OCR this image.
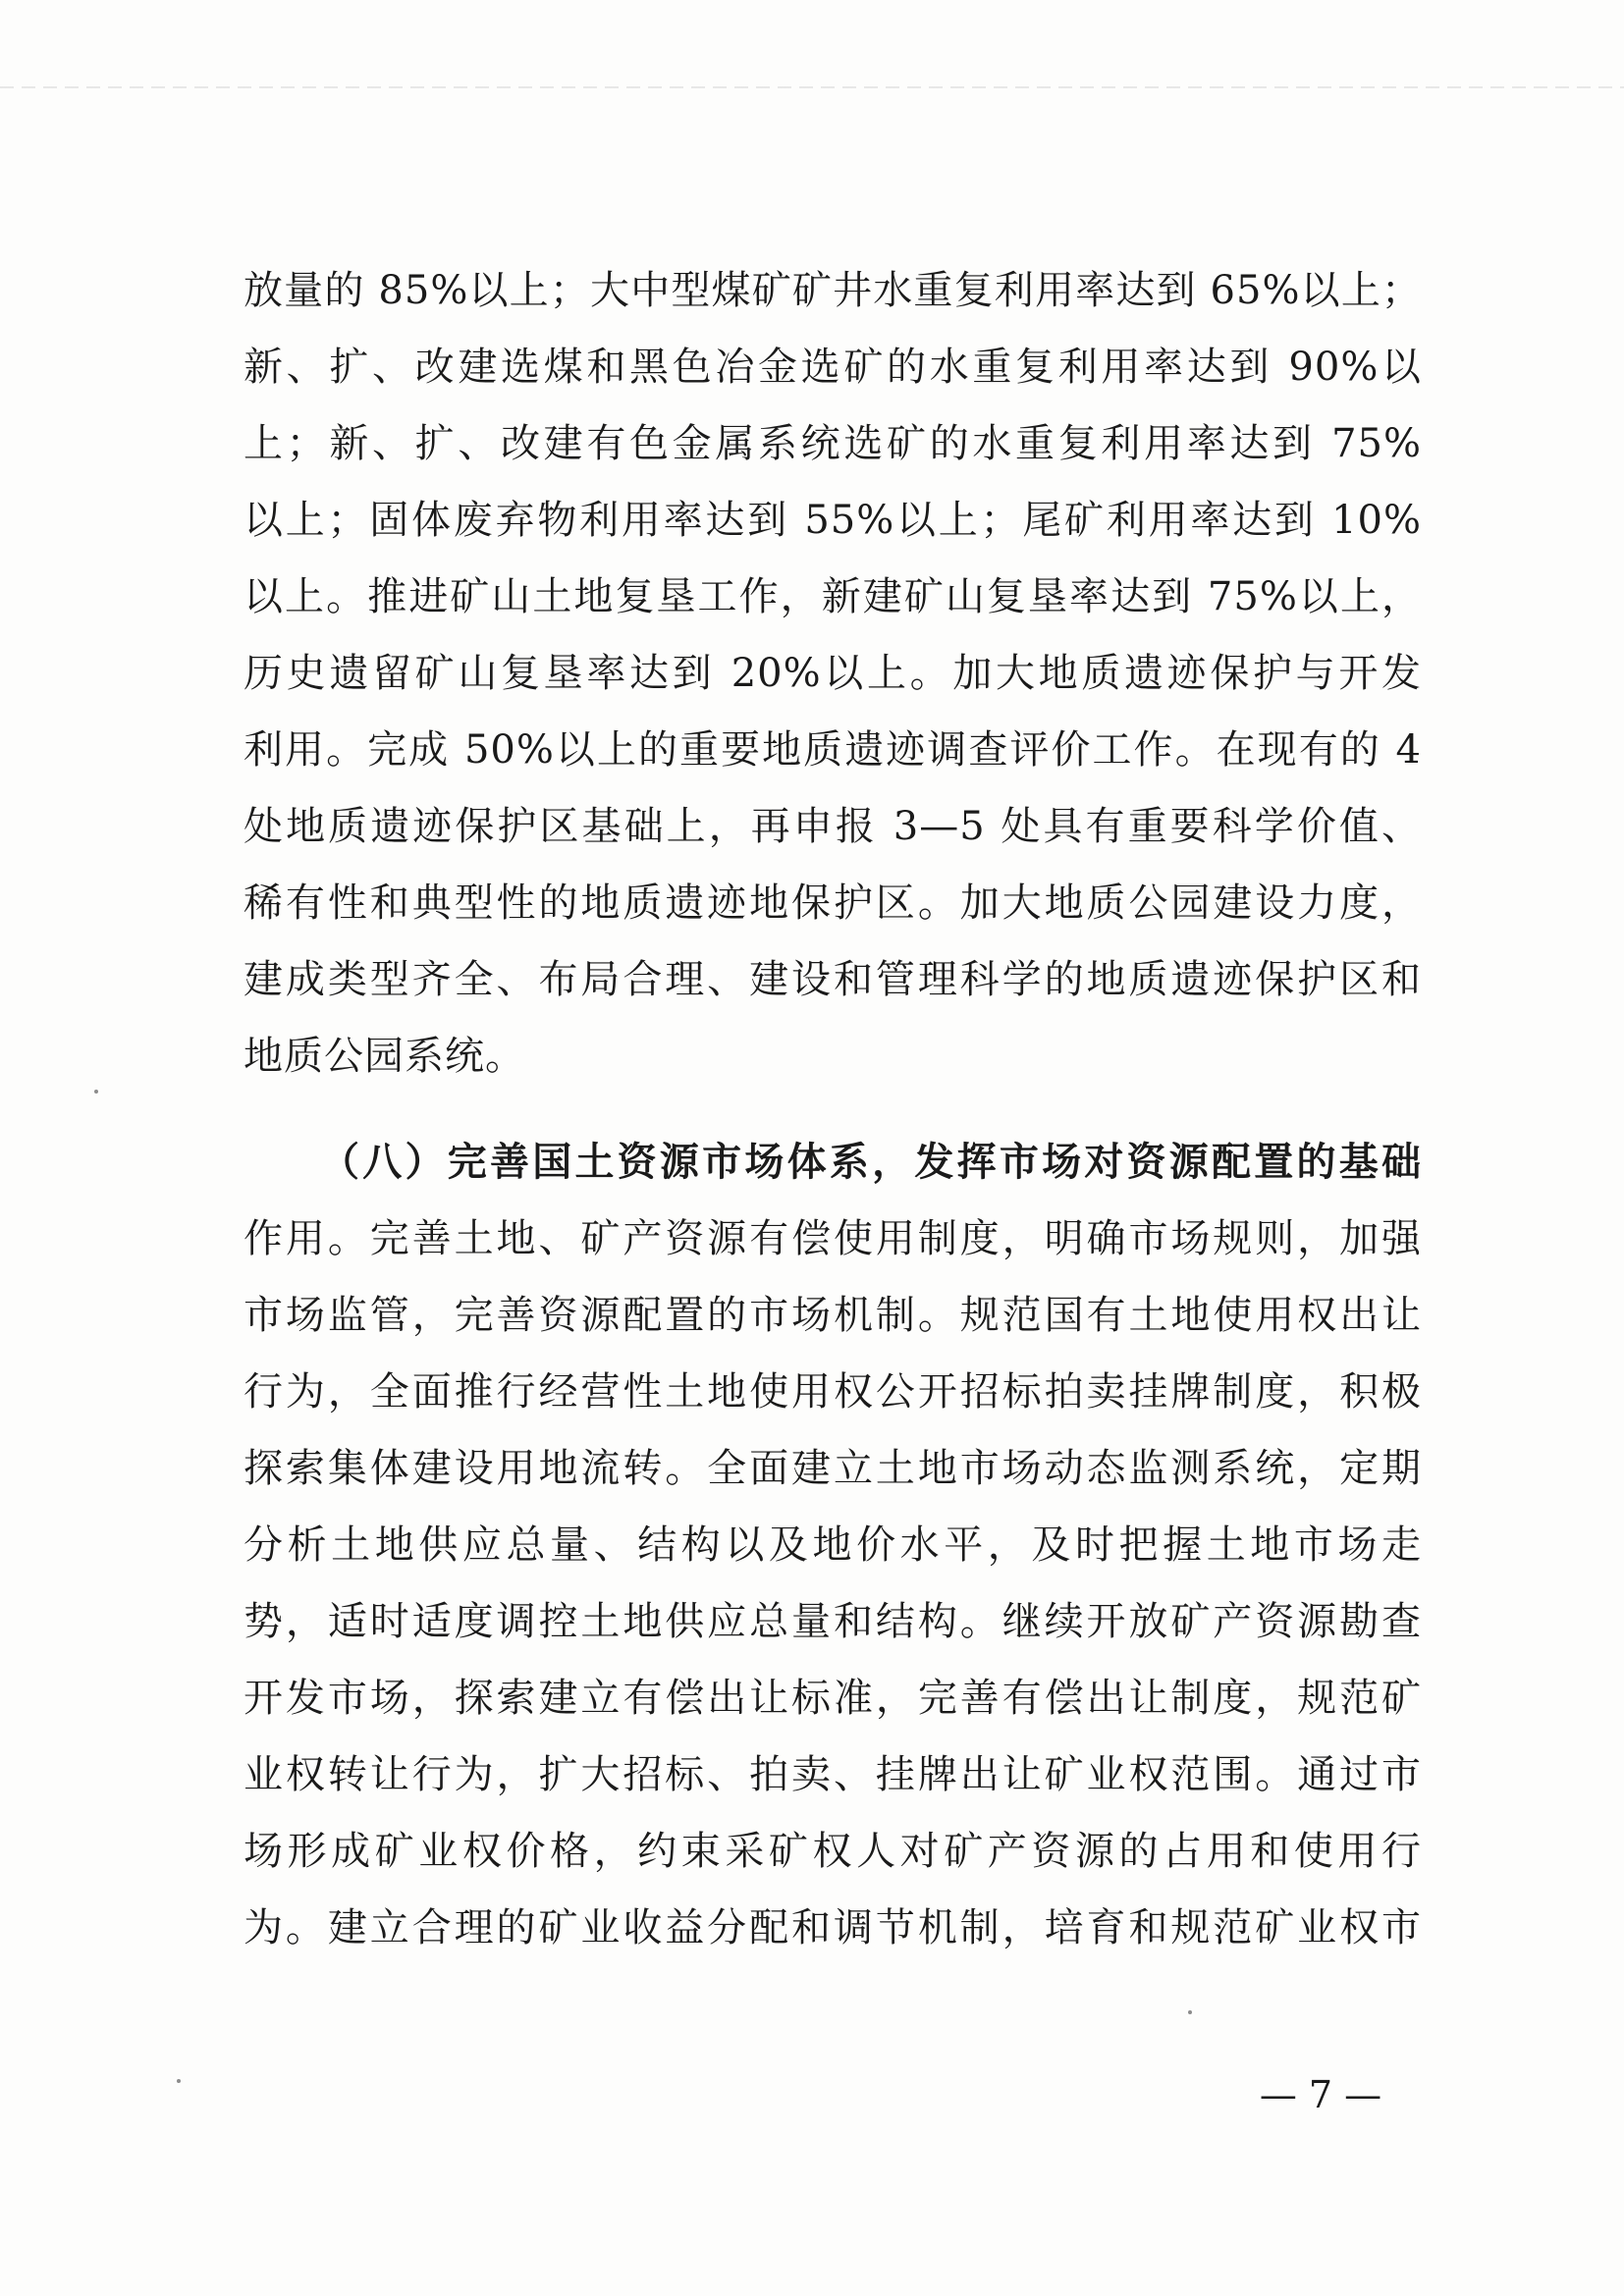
放量的 85%以上；大中型煤矿矿井水重复利用率达到 65%以上；
新、扩、改建选煤和黑色冶金选矿的水重复利用率达到 90%以
上；新、扩、改建有色金属系统选矿的水重复利用率达到 75%
以上；固体废弃物利用率达到 55%以上；尾矿利用率达到 10%
以上。推进矿山土地复垦工作，新建矿山复垦率达到 75%以上，
历史遗留矿山复垦率达到 20%以上。加大地质遗迹保护与开发
利用。完成 50%以上的重要地质遗迹调查评价工作。在现有的 4
处地质遗迹保护区基础上，再申报 3—5 处具有重要科学价值、
稀有性和典型性的地质遗迹地保护区。加大地质公园建设力度，
建成类型齐全、布局合理、建设和管理科学的地质遗迹保护区和
地质公园系统。
（八）完善国土资源市场体系，发挥市场对资源配置的基础
作用。完善土地、矿产资源有偿使用制度，明确市场规则，加强
市场监管，完善资源配置的市场机制。规范国有土地使用权出让
行为，全面推行经营性土地使用权公开招标拍卖挂牌制度，积极
探索集体建设用地流转。全面建立土地市场动态监测系统，定期
分析土地供应总量、结构以及地价水平，及时把握土地市场走
势，适时适度调控土地供应总量和结构。继续开放矿产资源勘查
开发市场，探索建立有偿出让标准，完善有偿出让制度，规范矿
业权转让行为，扩大招标、拍卖、挂牌出让矿业权范围。通过市
场形成矿业权价格，约束采矿权人对矿产资源的占用和使用行
为。建立合理的矿业收益分配和调节机制，培育和规范矿业权市
— 7 —
